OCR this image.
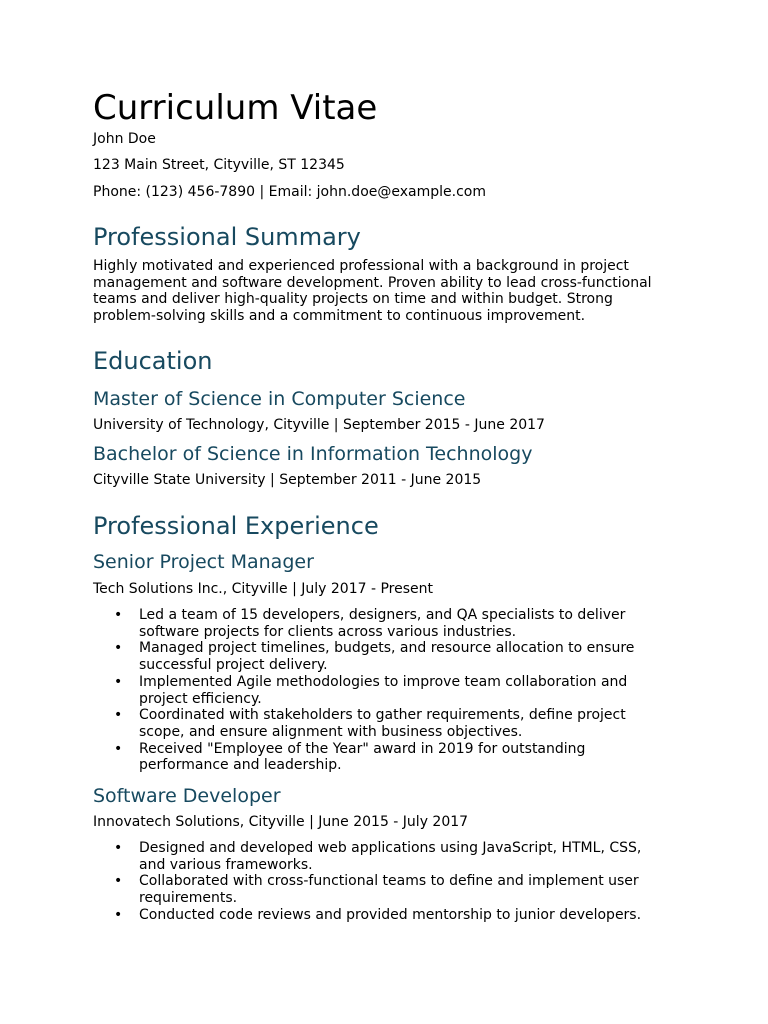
Curriculum Vitae
John Doe
123 Main Street, Cityville, ST 12345
Phone: (123) 456-7890 | Email: john.doe@example.com
Professional Summary
Highly motivated and experienced professional with a background in project management and software development. Proven ability to lead cross-functional teams and deliver high-quality projects on time and within budget. Strong problem-solving skills and a commitment to continuous improvement.
Education
Master of Science in Computer Science
University of Technology, Cityville | September 2015 - June 2017
Bachelor of Science in Information Technology
Cityville State University | September 2011 - June 2015
Professional Experience
Senior Project Manager
Tech Solutions Inc., Cityville | July 2017 - Present
• Led a team of 15 developers, designers, and QA specialists to deliver software projects for clients across various industries.
• Managed project timelines, budgets, and resource allocation to ensure successful project delivery.
• Implemented Agile methodologies to improve team collaboration and project efficiency.
• Coordinated with stakeholders to gather requirements, define project scope, and ensure alignment with business objectives.
• Received "Employee of the Year" award in 2019 for outstanding performance and leadership.
Software Developer
Innovatech Solutions, Cityville | June 2015 - July 2017
• Designed and developed web applications using JavaScript, HTML, CSS, and various frameworks.
• Collaborated with cross-functional teams to define and implement user requirements.
• Conducted code reviews and provided mentorship to junior developers.
